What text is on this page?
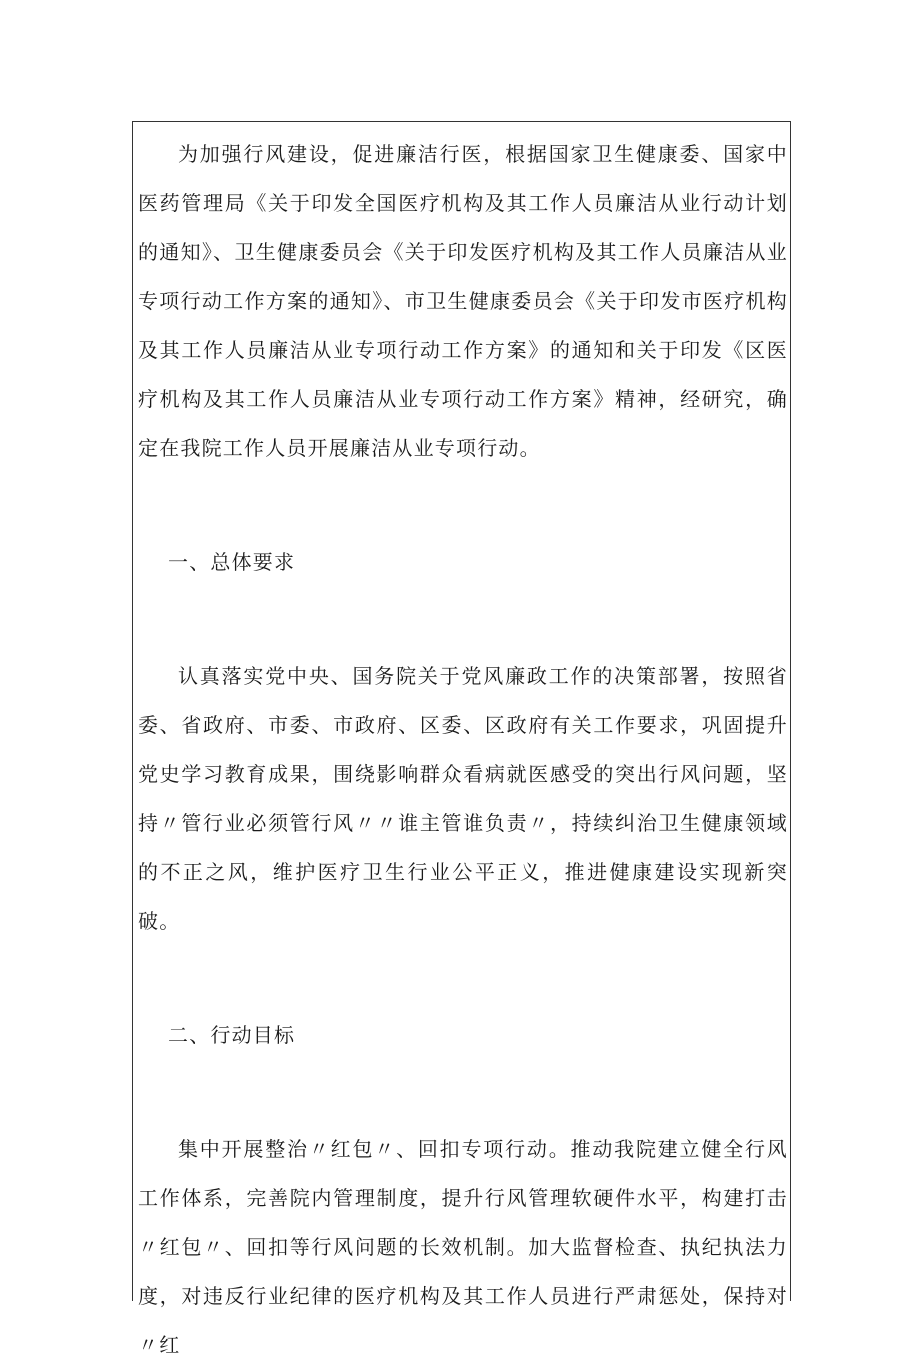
为加强行风建设，促进廉洁行医，根据国家卫生健康委、国家中医药管理局《关于印发全国医疗机构及其工作人员廉洁从业行动计划的通知》、卫生健康委员会《关于印发医疗机构及其工作人员廉洁从业专项行动工作方案的通知》、市卫生健康委员会《关于印发市医疗机构及其工作人员廉洁从业专项行动工作方案》的通知和关于印发《区医疗机构及其工作人员廉洁从业专项行动工作方案》精神，经研究，确定在我院工作人员开展廉洁从业专项行动。

一、总体要求

认真落实党中央、国务院关于党风廉政工作的决策部署，按照省委、省政府、市委、市政府、区委、区政府有关工作要求，巩固提升党史学习教育成果，围绕影响群众看病就医感受的突出行风问题，坚持〃管行业必须管行风〃〃谁主管谁负责〃，持续纠治卫生健康领域的不正之风，维护医疗卫生行业公平正义，推进健康建设实现新突破。

二、行动目标

集中开展整治〃红包〃、回扣专项行动。推动我院建立健全行风工作体系，完善院内管理制度，提升行风管理软硬件水平，构建打击〃红包〃、回扣等行风问题的长效机制。加大监督检查、执纪执法力度，对违反行业纪律的医疗机构及其工作人员进行严肃惩处，保持对〃红
